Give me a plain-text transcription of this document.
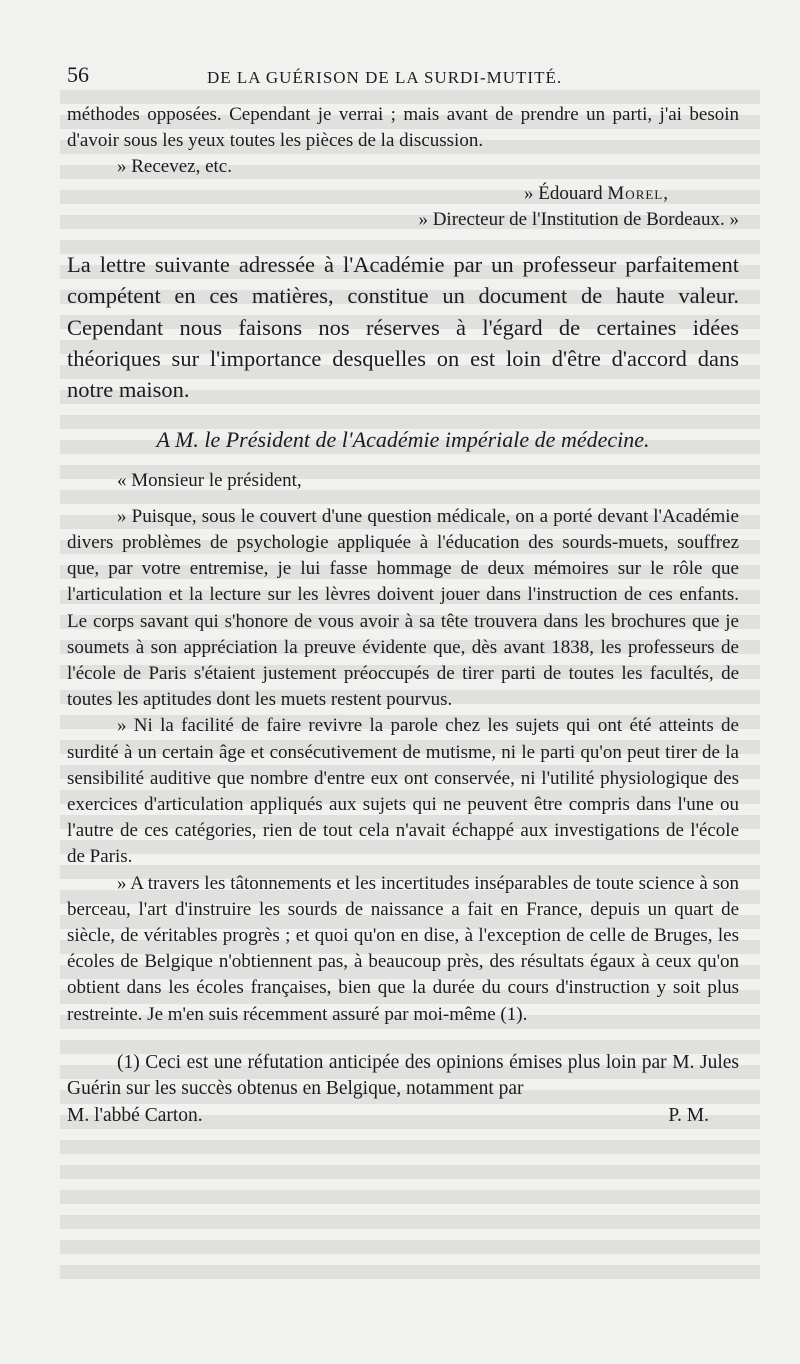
56	DE LA GUÉRISON DE LA SURDI-MUTITÉ.

méthodes opposées. Cependant je verrai ; mais avant de prendre un parti, j'ai besoin d'avoir sous les yeux toutes les pièces de la discussion.

» Recevez, etc.

» Édouard Morel,

» Directeur de l'Institution de Bordeaux. »

La lettre suivante adressée à l'Académie par un professeur parfaitement compétent en ces matières, constitue un document de haute valeur. Cependant nous faisons nos réserves à l'égard de certaines idées théoriques sur l'importance desquelles on est loin d'être d'accord dans notre maison.

A M. le Président de l'Académie impériale de médecine.

« Monsieur le président,

» Puisque, sous le couvert d'une question médicale, on a porté devant l'Académie divers problèmes de psychologie appliquée à l'éducation des sourds-muets, souffrez que, par votre entremise, je lui fasse hommage de deux mémoires sur le rôle que l'articulation et la lecture sur les lèvres doivent jouer dans l'instruction de ces enfants. Le corps savant qui s'honore de vous avoir à sa tête trouvera dans les brochures que je soumets à son appréciation la preuve évidente que, dès avant 1838, les professeurs de l'école de Paris s'étaient justement préoccupés de tirer parti de toutes les facultés, de toutes les aptitudes dont les muets restent pourvus.

» Ni la facilité de faire revivre la parole chez les sujets qui ont été atteints de surdité à un certain âge et consécutivement de mutisme, ni le parti qu'on peut tirer de la sensibilité auditive que nombre d'entre eux ont conservée, ni l'utilité physiologique des exercices d'articulation appliqués aux sujets qui ne peuvent être compris dans l'une ou l'autre de ces catégories, rien de tout cela n'avait échappé aux investigations de l'école de Paris.

» A travers les tâtonnements et les incertitudes inséparables de toute science à son berceau, l'art d'instruire les sourds de naissance a fait en France, depuis un quart de siècle, de véritables progrès ; et quoi qu'on en dise, à l'exception de celle de Bruges, les écoles de Belgique n'obtiennent pas, à beaucoup près, des résultats égaux à ceux qu'on obtient dans les écoles françaises, bien que la durée du cours d'instruction y soit plus restreinte. Je m'en suis récemment assuré par moi-même (1).

(1) Ceci est une réfutation anticipée des opinions émises plus loin par M. Jules Guérin sur les succès obtenus en Belgique, notamment par

M. l'abbé Carton.	P. M.
